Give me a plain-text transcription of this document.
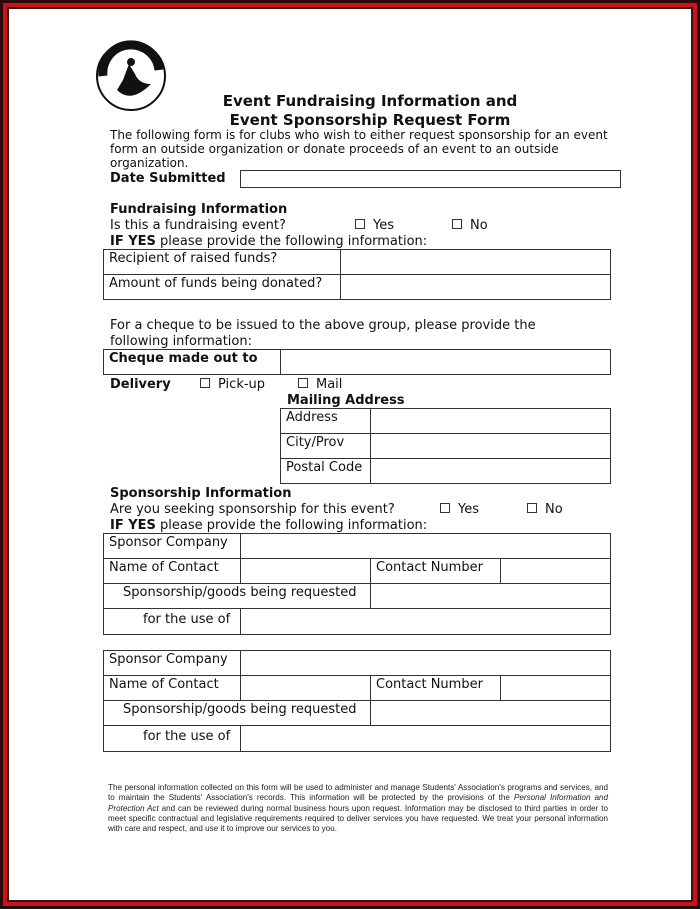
Event Fundraising Information and
Event Sponsorship Request Form
The following form is for clubs who wish to either request sponsorship for an event
form an outside organization or donate proceeds of an event to an outside
organization.
Date Submitted
Fundraising Information
Is this a fundraising event?	Yes	No
IF YES please provide the following information:
Recipient of raised funds?
Amount of funds being donated?
For a cheque to be issued to the above group, please provide the
following information:
Cheque made out to
Delivery	Pick-up	Mail
Mailing Address
Address
City/Prov
Postal Code
Sponsorship Information
Are you seeking sponsorship for this event?	Yes	No
IF YES please provide the following information:
Sponsor Company
Name of Contact	Contact Number
Sponsorship/goods being requested
for the use of
Sponsor Company
Name of Contact	Contact Number
Sponsorship/goods being requested
for the use of
The personal information collected on this form will be used to administer and manage Students' Association's programs and services, and to maintain the Students' Association's records. This information will be protected by the provisions of the Personal Information and Protection Act and can be reviewed during normal business hours upon request. Information may be disclosed to third parties in order to meet specific contractual and legislative requirements required to deliver services you have requested. We treat your personal information with care and respect, and use it to improve our services to you.
